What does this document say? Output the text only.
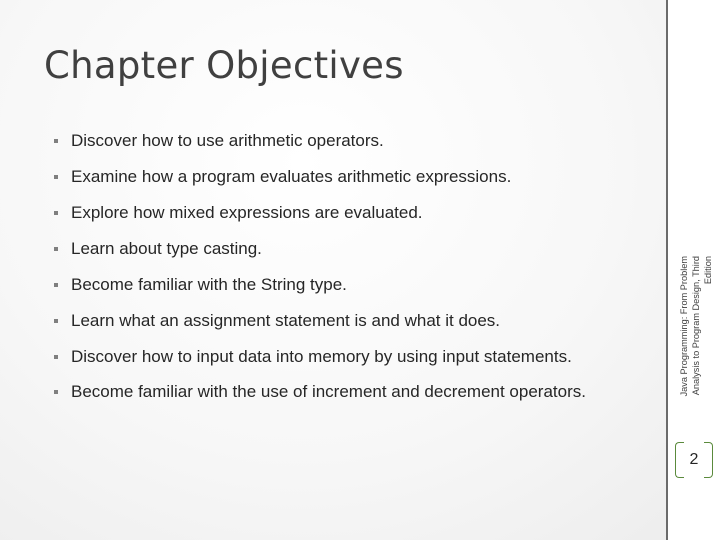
Chapter Objectives
Discover how to use arithmetic operators.
Examine how a program evaluates arithmetic expressions.
Explore how mixed expressions are evaluated.
Learn about type casting.
Become familiar with the String type.
Learn what an assignment statement is and what it does.
Discover how to input data into memory by using input statements.
Become familiar with the use of increment and decrement operators.	Java Programming: From Problem Analysis to Program Design, Third Edition
2
